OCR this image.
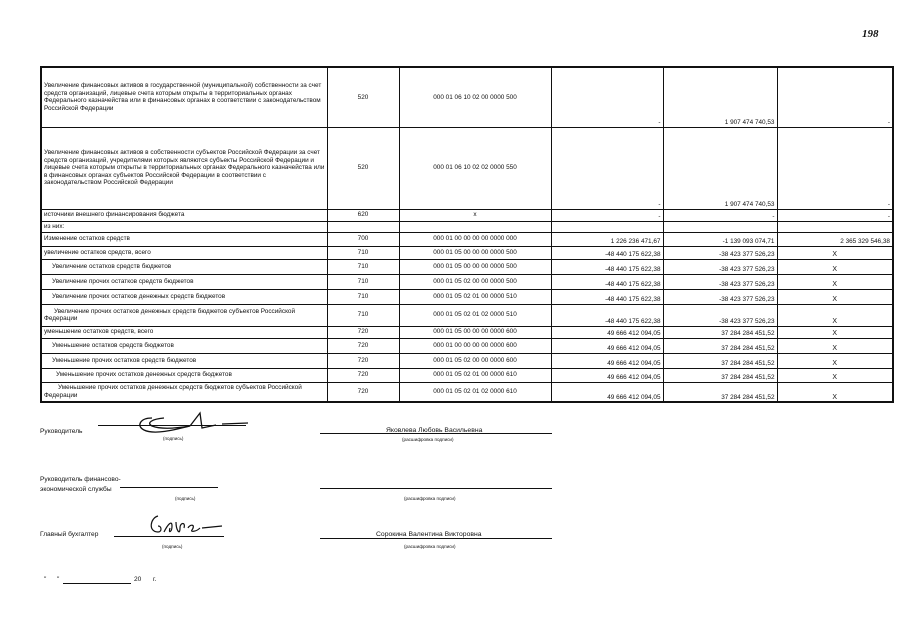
198
Увеличение финансовых активов в государственной (муниципальной) собственности за счет средств организаций, лицевые счета которым открыты в территориальных органах Федерального казначейства или в финансовых органах в соответствии с законодательством Российской Федерации	520	000 01 06 10 02 00 0000 500	-	1 907 474 740,53	-
Увеличение финансовых активов в собственности субъектов Российской Федерации за счет средств организаций, учредителями которых являются субъекты Российской Федерации и лицевые счета которым открыты в территориальных органах Федерального казначейства или в финансовых органах субъектов Российской Федерации в соответствии с законодательством Российской Федерации	520	000 01 06 10 02 02 0000 550	-	1 907 474 740,53	-
источники внешнего финансирования бюджета	620	x	-	-	-
из них:					
Изменение остатков средств	700	000 01 00 00 00 00 0000 000	1 226 236 471,67	-1 139 093 074,71	2 365 329 546,38
увеличение остатков средств, всего	710	000 01 05 00 00 00 0000 500	-48 440 175 622,38	-38 423 377 526,23	X
Увеличение остатков средств бюджетов	710	000 01 05 00 00 00 0000 500	-48 440 175 622,38	-38 423 377 526,23	X
Увеличение прочих остатков средств бюджетов	710	000 01 05 02 00 00 0000 500	-48 440 175 622,38	-38 423 377 526,23	X
Увеличение прочих остатков денежных средств бюджетов	710	000 01 05 02 01 00 0000 510	-48 440 175 622,38	-38 423 377 526,23	X
Увеличение прочих остатков денежных средств бюджетов субъектов Российской Федерации	710	000 01 05 02 01 02 0000 510	-48 440 175 622,38	-38 423 377 526,23	X
уменьшение остатков средств, всего	720	000 01 05 00 00 00 0000 600	49 666 412 094,05	37 284 284 451,52	X
Уменьшение остатков средств бюджетов	720	000 01 00 00 00 00 0000 600	49 666 412 094,05	37 284 284 451,52	X
Уменьшение прочих остатков средств бюджетов	720	000 01 05 02 00 00 0000 600	49 666 412 094,05	37 284 284 451,52	X
Уменьшение прочих остатков денежных средств бюджетов	720	000 01 05 02 01 00 0000 610	49 666 412 094,05	37 284 284 451,52	X
Уменьшение прочих остатков денежных средств бюджетов субъектов Российской Федерации	720	000 01 05 02 01 02 0000 610	49 666 412 094,05	37 284 284 451,52	X
Руководитель
(подпись)
Яковлева Любовь Васильевна
(расшифровка подписи)
Руководитель финансово-
экономической службы
(подпись)	(расшифровка подписи)
Главный бухгалтер
(подпись)
Сорокина Валентина Викторовна
(расшифровка подписи)
" "	20 г.
